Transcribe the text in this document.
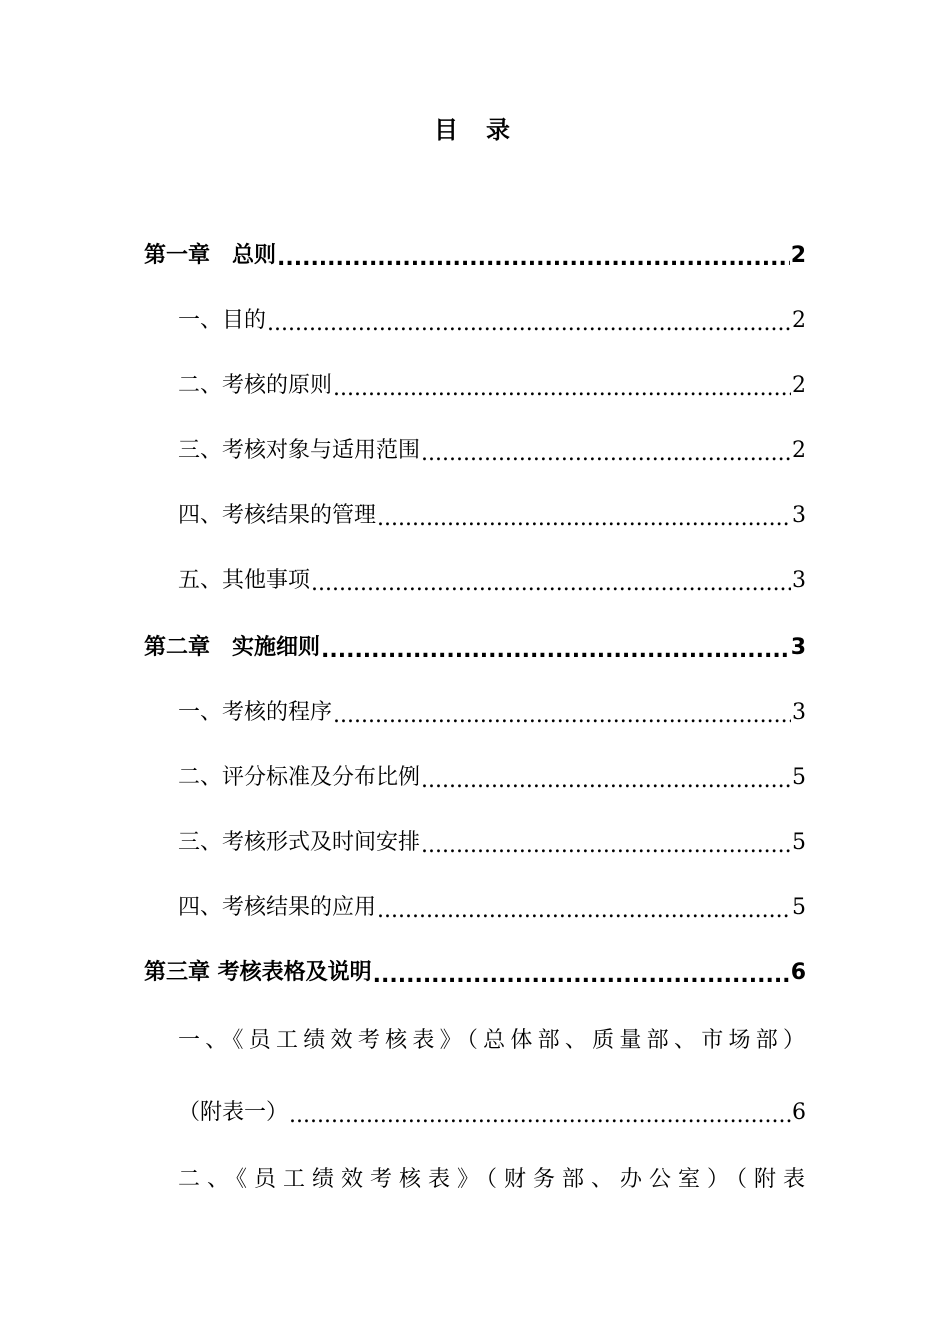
目 录
第一章　总则 .....	2
一、目的 .....	2
二、考核的原则 .....	2
三、考核对象与适用范围 .....	2
四、考核结果的管理 .....	3
五、其他事项 .....	3
第二章　实施细则 .....	3
一、考核的程序 .....	3
二、评分标准及分布比例 .....	5
三、考核形式及时间安排 .....	5
四、考核结果的应用 .....	5
第三章 考核表格及说明 .....	6
一、《员工绩效考核表》（总体部、质量部、市场部）
（附表一） .....	6
二、《员工绩效考核表》（财务部、办公室）（附表
